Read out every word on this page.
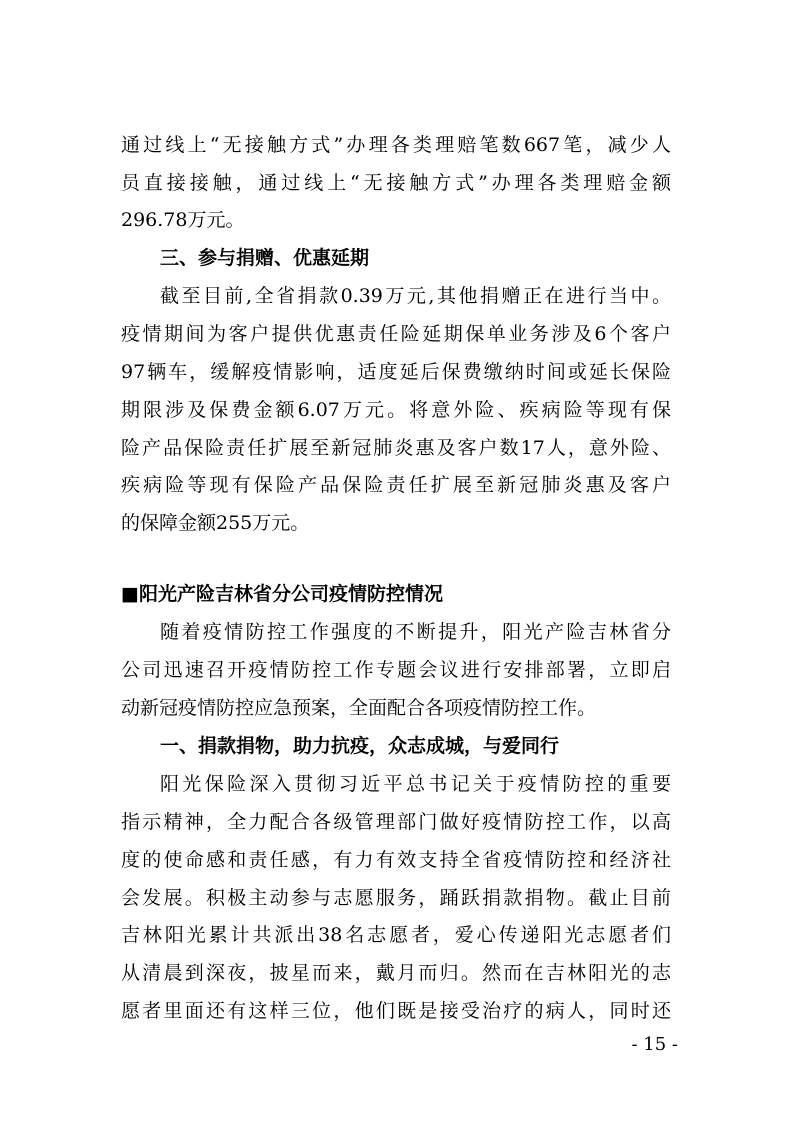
通过线上“无接触方式”办理各类理赔笔数667笔，减少人
员直接接触，通过线上“无接触方式”办理各类理赔金额
296.78万元。
三、参与捐赠、优惠延期
截至目前,全省捐款0.39万元,其他捐赠正在进行当中。
疫情期间为客户提供优惠责任险延期保单业务涉及6个客户
97辆车，缓解疫情影响，适度延后保费缴纳时间或延长保险
期限涉及保费金额6.07万元。将意外险、疾病险等现有保
险产品保险责任扩展至新冠肺炎惠及客户数17人，意外险、
疾病险等现有保险产品保险责任扩展至新冠肺炎惠及客户
的保障金额255万元。
■阳光产险吉林省分公司疫情防控情况
随着疫情防控工作强度的不断提升，阳光产险吉林省分
公司迅速召开疫情防控工作专题会议进行安排部署，立即启
动新冠疫情防控应急预案，全面配合各项疫情防控工作。
一、捐款捐物，助力抗疫，众志成城，与爱同行
阳光保险深入贯彻习近平总书记关于疫情防控的重要
指示精神，全力配合各级管理部门做好疫情防控工作，以高
度的使命感和责任感，有力有效支持全省疫情防控和经济社
会发展。积极主动参与志愿服务，踊跃捐款捐物。截止目前
吉林阳光累计共派出38名志愿者，爱心传递阳光志愿者们
从清晨到深夜，披星而来，戴月而归。然而在吉林阳光的志
愿者里面还有这样三位，他们既是接受治疗的病人，同时还
- 15 -
